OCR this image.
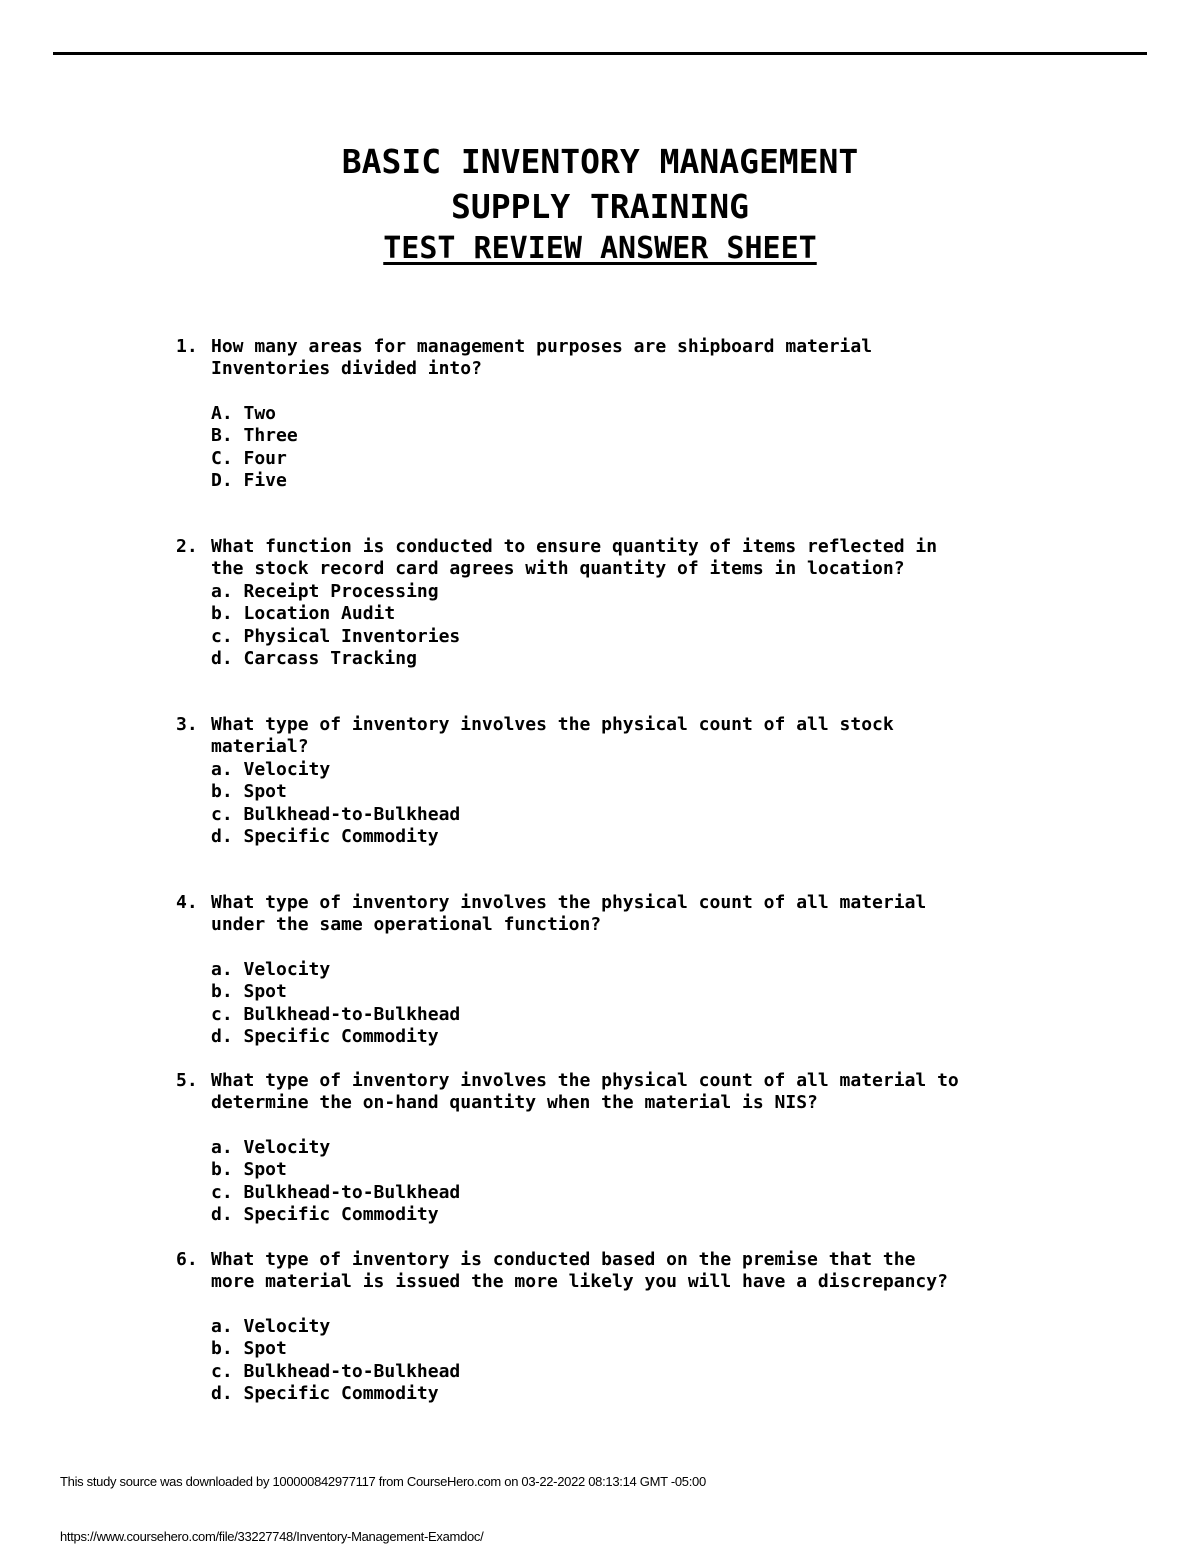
BASIC INVENTORY MANAGEMENT
SUPPLY TRAINING
TEST REVIEW ANSWER SHEET
1. How many areas for management purposes are shipboard material
Inventories divided into?
A. Two
B. Three
C. Four
D. Five
2. What function is conducted to ensure quantity of items reflected in
the stock record card agrees with quantity of items in location?
a. Receipt Processing
b. Location Audit
c. Physical Inventories
d. Carcass Tracking
3. What type of inventory involves the physical count of all stock
material?
a. Velocity
b. Spot
c. Bulkhead-to-Bulkhead
d. Specific Commodity
4. What type of inventory involves the physical count of all material
under the same operational function?
a. Velocity
b. Spot
c. Bulkhead-to-Bulkhead
d. Specific Commodity
5. What type of inventory involves the physical count of all material to
determine the on-hand quantity when the material is NIS?
a. Velocity
b. Spot
c. Bulkhead-to-Bulkhead
d. Specific Commodity
6. What type of inventory is conducted based on the premise that the
more material is issued the more likely you will have a discrepancy?
a. Velocity
b. Spot
c. Bulkhead-to-Bulkhead
d. Specific Commodity
This study source was downloaded by 100000842977117 from CourseHero.com on 03-22-2022 08:13:14 GMT -05:00
https://www.coursehero.com/file/33227748/Inventory-Management-Examdoc/
